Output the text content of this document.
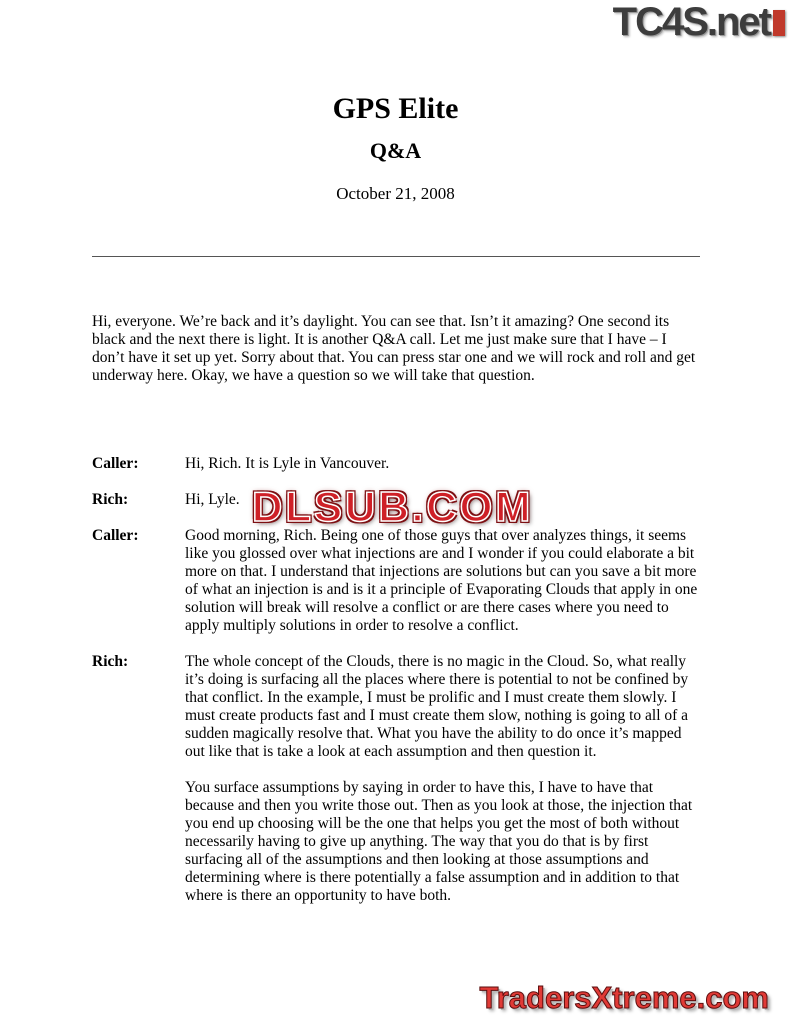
TC4S.net
GPS Elite
Q&A
October 21, 2008

Hi, everyone. We’re back and it’s daylight. You can see that. Isn’t it amazing? One second its black and the next there is light. It is another Q&A call. Let me just make sure that I have – I don’t have it set up yet. Sorry about that. You can press star one and we will rock and roll and get underway here. Okay, we have a question so we will take that question.

Caller:	Hi, Rich. It is Lyle in Vancouver.
Rich:	Hi, Lyle.
Caller:	Good morning, Rich. Being one of those guys that over analyzes things, it seems like you glossed over what injections are and I wonder if you could elaborate a bit more on that. I understand that injections are solutions but can you save a bit more of what an injection is and is it a principle of Evaporating Clouds that apply in one solution will break will resolve a conflict or are there cases where you need to apply multiply solutions in order to resolve a conflict.
Rich:	The whole concept of the Clouds, there is no magic in the Cloud. So, what really it’s doing is surfacing all the places where there is potential to not be confined by that conflict. In the example, I must be prolific and I must create them slowly. I must create products fast and I must create them slow, nothing is going to all of a sudden magically resolve that. What you have the ability to do once it’s mapped out like that is take a look at each assumption and then question it.
You surface assumptions by saying in order to have this, I have to have that because and then you write those out. Then as you look at those, the injection that you end up choosing will be the one that helps you get the most of both without necessarily having to give up anything. The way that you do that is by first surfacing all of the assumptions and then looking at those assumptions and determining where is there potentially a false assumption and in addition to that where is there an opportunity to have both.
DLSUB.COM
TradersXtreme.com
